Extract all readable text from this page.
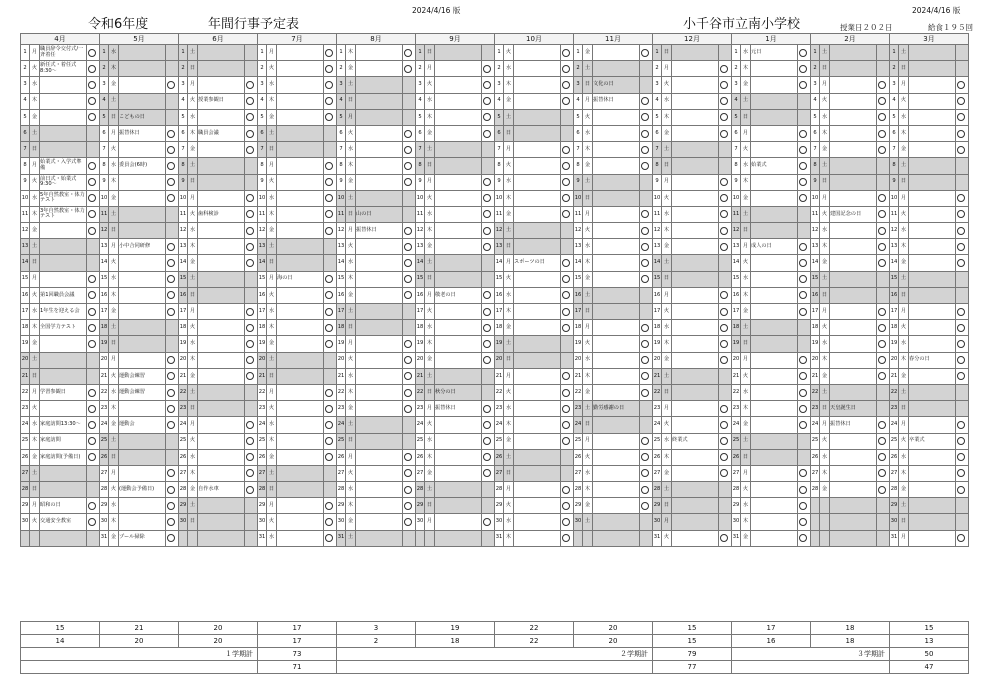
令和6年度	年間行事予定表
2024/4/16 版
小千谷市立南小学校
2024/4/16 版
授業日２０２日	給食１９５回
4月				5月				6月				7月				8月				9月				10月				11月				12月				1月				2月				3月			
1	月	職員辞令交付式/一斉着任		1	水			1	土			1	月			1	木			1	日			1	火			1	金			1	日			1	水	元日		1	土			1	土		
2	火	新任式・着任式 8:30～		2	木			2	日			2	火			2	金			2	月			2	水			2	土			2	月			2	木			2	日			2	日		
3	水			3	金			3	月			3	水			3	土			3	火			3	木			3	日	文化の日		3	火			3	金			3	月			3	月		
4	木			4	土			4	火	授業参観日		4	木			4	日			4	水			4	金			4	月	振替休日		4	水			4	土			4	火			4	火		
5	金			5	日	こどもの日		5	水			5	金			5	月			5	木			5	土			5	火			5	木			5	日			5	水			5	水		
6	土			6	月	振替休日		6	木	職員会議		6	土			6	火			6	金			6	日			6	水			6	金			6	月			6	木			6	木		
7	日			7	火			7	金			7	日			7	水			7	土			7	月			7	木			7	土			7	火			7	金			7	金		
8	月	始業式・入学式準備		8	水	委員会(6時)		8	土			8	月			8	木			8	日			8	火			8	金			8	日			8	水	始業式		8	土			8	土		
9	火	前日式・始業式 9:30～		9	木			9	日			9	火			9	金			9	月			9	水			9	土			9	月			9	木			9	日			9	日		
10	水	5年自然教室・体力テスト		10	金			10	月			10	水			10	土			10	火			10	木			10	日			10	火			10	金			10	月			10	月		
11	木	3年自然教室・体力テスト		11	土			11	火	歯科検診		11	木			11	日	山の日		11	水			11	金			11	月			11	水			11	土			11	火	建国記念の日		11	火		
12	金			12	日			12	水			12	金			12	月	振替休日		12	木			12	土			12	火			12	木			12	日			12	水			12	水		
13	土			13	月	小中合同研修		13	木			13	土			13	火			13	金			13	日			13	水			13	金			13	月	成人の日		13	木			13	木		
14	日			14	火			14	金			14	日			14	水			14	土			14	月	スポーツの日		14	木			14	土			14	火			14	金			14	金		
15	月			15	水			15	土			15	月	海の日		15	木			15	日			15	火			15	金			15	日			15	水			15	土			15	土		
16	火	第1回職員会議		16	木			16	日			16	火			16	金			16	月	敬老の日		16	水			16	土			16	月			16	木			16	日			16	日		
17	水	1年生を迎える会		17	金			17	月			17	水			17	土			17	火			17	木			17	日			17	火			17	金			17	月			17	月		
18	木	全国学力テスト		18	土			18	火			18	木			18	日			18	水			18	金			18	月			18	水			18	土			18	火			18	火		
19	金			19	日			19	水			19	金			19	月			19	木			19	土			19	火			19	木			19	日			19	水			19	水		
20	土			20	月			20	木			20	土			20	火			20	金			20	日			20	水			20	金			20	月			20	木			20	木	春分の日	
21	日			21	火	運動会練習		21	金			21	日			21	水			21	土			21	月			21	木			21	土			21	火			21	金			21	金		
22	月	学習参観日		22	水	運動会練習		22	土			22	月			22	木			22	日	秋分の日		22	火			22	金			22	日			22	水			22	土			22	土		
23	火			23	木			23	日			23	火			23	金			23	月	振替休日		23	水			23	土	勤労感謝の日		23	月			23	木			23	日	天皇誕生日		23	日		
24	水	家庭訪問13:30～		24	金	運動会		24	月			24	水			24	土			24	火			24	木			24	日			24	火			24	金			24	月	振替休日		24	月		
25	木	家庭訪問		25	土			25	火			25	木			25	日			25	水			25	金			25	月			25	水	終業式		25	土			25	火			25	火	卒業式	
26	金	家庭訪問(予備日)		26	日			26	水			26	金			26	月			26	木			26	土			26	火			26	木			26	日			26	水			26	水		
27	土			27	月			27	木			27	土			27	火			27	金			27	日			27	水			27	金			27	月			27	木			27	木		
28	日			28	火	(運動会予備日)		28	金	自作水車		28	日			28	水			28	土			28	月			28	木			28	土			28	火			28	金			28	金		
29	月	昭和の日		29	水			29	土			29	月			29	木			29	日			29	火			29	金			29	日			29	水							29	土		
30	火	交通安全教室		30	木			30	日			30	火			30	金			30	月			30	水			30	土			30	月			30	木							30	日		
				31	金	プール掃除						31	水			31	土							31	木							31	火			31	金							31	月		
15	21	20	17	3	19	22	20	15	17	18	15
14	20	20	17	2	18	22	20	15	16	18	13
１学期計			73	２学期計				79	３学期計		50
			71					77			47
